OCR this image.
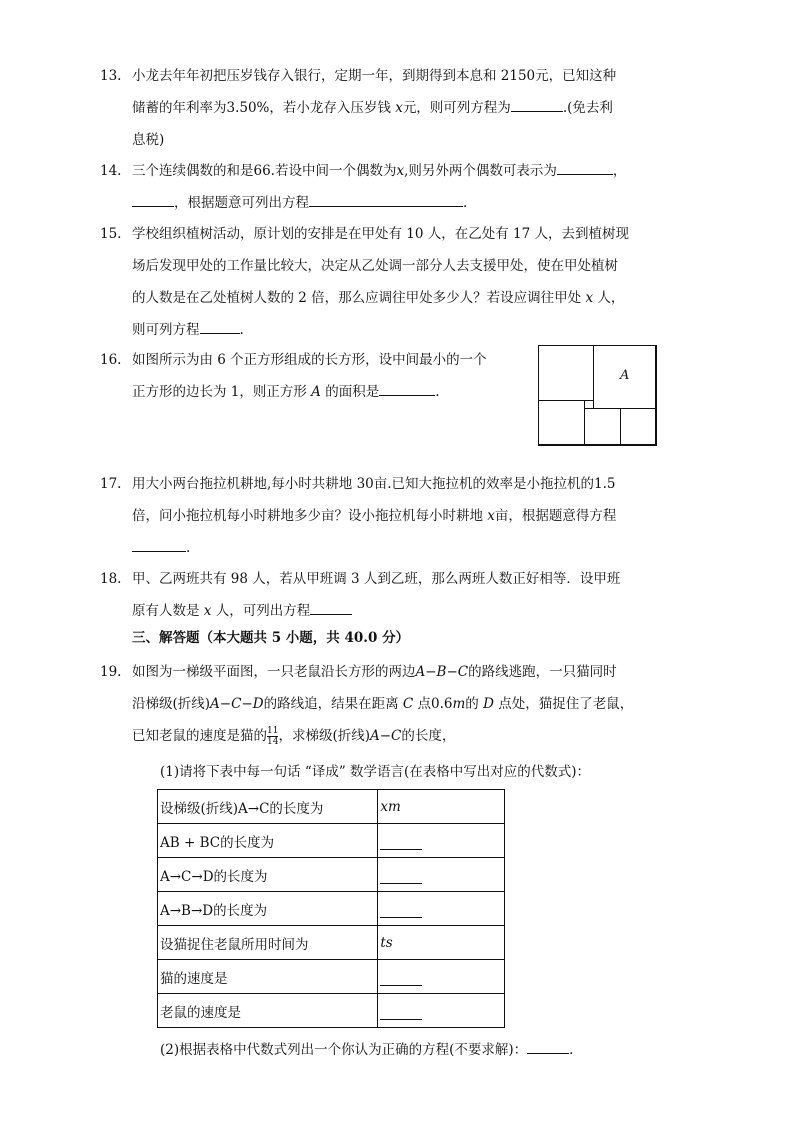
13. 小龙去年年初把压岁钱存入银行，定期一年，到期得到本息和 2150元，已知这种
储蓄的年利率为3.50%，若小龙存入压岁钱 x元，则可列方程为	.(免去利
息税)
14. 三个连续偶数的和是66.若设中间一个偶数为x,则另外两个偶数可表示为	，
，根据题意可列出方程	.
15. 学校组织植树活动，原计划的安排是在甲处有 10 人，在乙处有 17 人，去到植树现
场后发现甲处的工作量比较大，决定从乙处调一部分人去支援甲处，使在甲处植树
的人数是在乙处植树人数的 2 倍，那么应调往甲处多少人？若设应调往甲处 x 人，
则可列方程	.
16. 如图所示为由 6 个正方形组成的长方形，设中间最小的一个
正方形的边长为 1，则正方形 A 的面积是	.
A
17. 用大小两台拖拉机耕地,每小时共耕地 30亩.已知大拖拉机的效率是小拖拉机的1.5
倍，问小拖拉机每小时耕地多少亩？设小拖拉机每小时耕地 x亩，根据题意得方程
.
18. 甲、乙两班共有 98 人，若从甲班调 3 人到乙班，那么两班人数正好相等．设甲班
原有人数是 x 人，可列出方程
三、解答题（本大题共 5 小题，共 40.0 分）
19. 如图为一梯级平面图，一只老鼠沿长方形的两边A−B−C的路线逃跑，一只猫同时
沿梯级(折线)A−C−D的路线追，结果在距离 C 点0.6m的 D 点处，猫捉住了老鼠，
已知老鼠的速度是猫的 $\frac{11}{14}$ ，求梯级(折线)A−C的长度，
(1)请将下表中每一句话 “译成” 数学语言(在表格中写出对应的代数式)：
设梯级(折线)A→C的长度为	xm
AB + BC的长度为	
A→C→D的长度为	
A→B→D的长度为	
设猫捉住老鼠所用时间为	ts
猫的速度是	
老鼠的速度是	
(2)根据表格中代数式列出一个你认为正确的方程(不要求解)：	.
